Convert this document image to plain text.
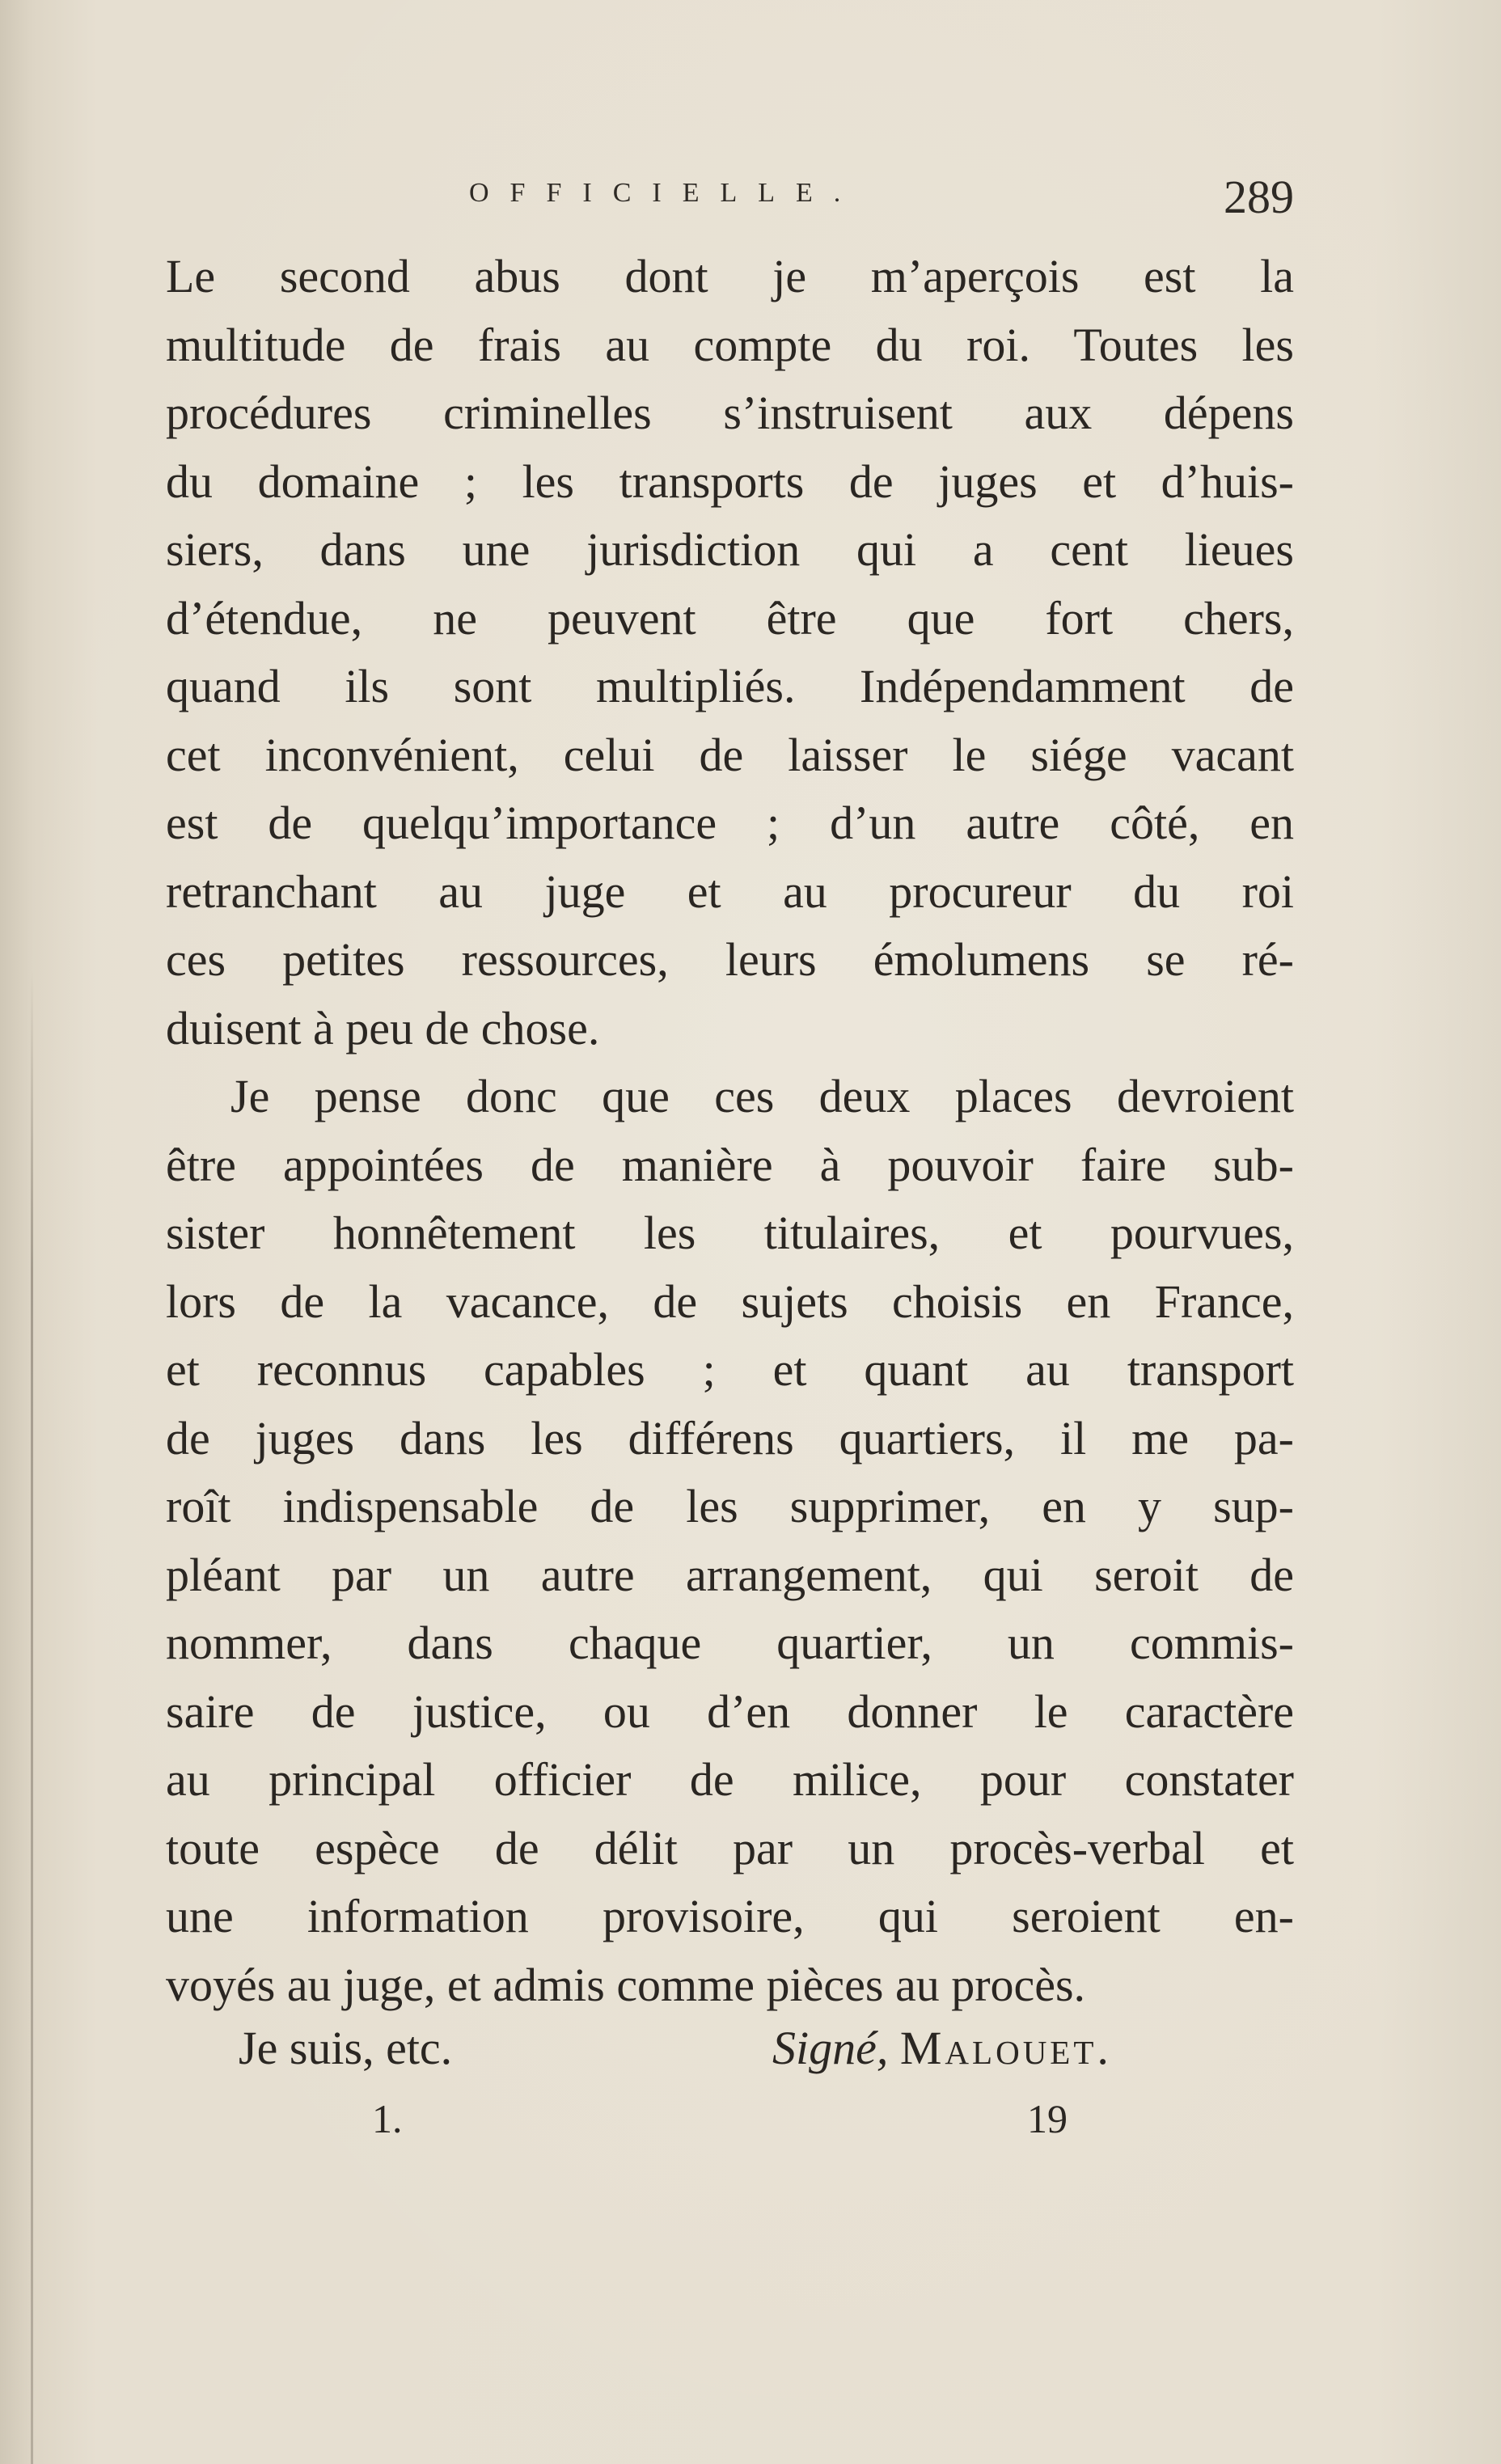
OFFICIELLE.	289
Le second abus dont je m’aperçois est la
multitude de frais au compte du roi. Toutes les
procédures criminelles s’instruisent aux dépens
du domaine ; les transports de juges et d’huis-
siers, dans une jurisdiction qui a cent lieues
d’étendue, ne peuvent être que fort chers,
quand ils sont multipliés. Indépendamment de
cet inconvénient, celui de laisser le siége vacant
est de quelqu’importance ; d’un autre côté, en
retranchant au juge et au procureur du roi
ces petites ressources, leurs émolumens se ré-
duisent à peu de chose.
Je pense donc que ces deux places devroient
être appointées de manière à pouvoir faire sub-
sister honnêtement les titulaires, et pourvues,
lors de la vacance, de sujets choisis en France,
et reconnus capables ; et quant au transport
de juges dans les différens quartiers, il me pa-
roît indispensable de les supprimer, en y sup-
pléant par un autre arrangement, qui seroit de
nommer, dans chaque quartier, un commis-
saire de justice, ou d’en donner le caractère
au principal officier de milice, pour constater
toute espèce de délit par un procès-verbal et
une information provisoire, qui seroient en-
voyés au juge, et admis comme pièces au procès.
Je suis, etc.	Signé, Malouet.
1.	19
